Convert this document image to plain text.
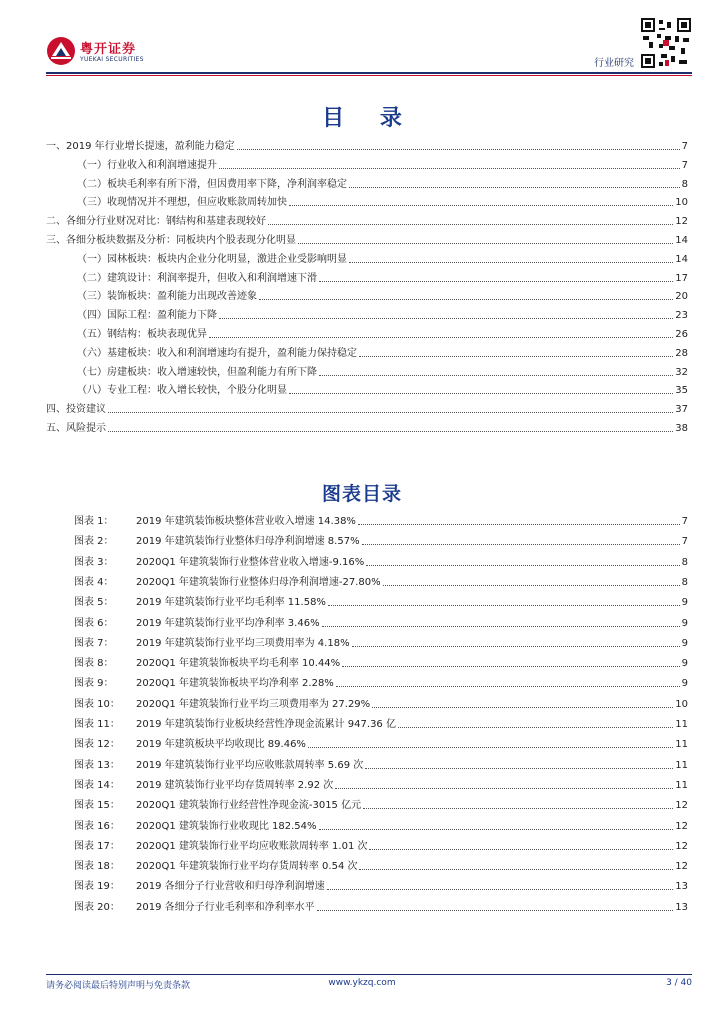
粤开证券
YUEKAI SECURITIES	行业研究
目 录
一、2019 年行业增长提速，盈利能力稳定	7
（一）行业收入和利润增速提升	7
（二）板块毛利率有所下滑，但因费用率下降，净利润率稳定	8
（三）收现情况并不理想，但应收账款周转加快	10
二、各细分行业财况对比：钢结构和基建表现较好	12
三、各细分板块数据及分析：同板块内个股表现分化明显	14
（一）园林板块：板块内企业分化明显，激进企业受影响明显	14
（二）建筑设计：利润率提升，但收入和利润增速下滑	17
（三）装饰板块：盈利能力出现改善迹象	20
（四）国际工程：盈利能力下降	23
（五）钢结构：板块表现优异	26
（六）基建板块：收入和利润增速均有提升，盈利能力保持稳定	28
（七）房建板块：收入增速较快，但盈利能力有所下降	32
（八）专业工程：收入增长较快，个股分化明显	35
四、投资建议	37
五、风险提示	38
图表目录
图表 1：	2019 年建筑装饰板块整体营业收入增速 14.38%	7
图表 2：	2019 年建筑装饰行业整体归母净利润增速 8.57%	7
图表 3：	2020Q1 年建筑装饰行业整体营业收入增速-9.16%	8
图表 4：	2020Q1 年建筑装饰行业整体归母净利润增速-27.80%	8
图表 5：	2019 年建筑装饰行业平均毛利率 11.58%	9
图表 6：	2019 年建筑装饰行业平均净利率 3.46%	9
图表 7：	2019 年建筑装饰行业平均三项费用率为 4.18%	9
图表 8：	2020Q1 年建筑装饰板块平均毛利率 10.44%	9
图表 9：	2020Q1 年建筑装饰板块平均净利率 2.28%	9
图表 10：	2020Q1 年建筑装饰行业平均三项费用率为 27.29%	10
图表 11：	2019 年建筑装饰行业板块经营性净现金流累计 947.36 亿	11
图表 12：	2019 年建筑板块平均收现比 89.46%	11
图表 13：	2019 年建筑装饰行业平均应收账款周转率 5.69 次	11
图表 14：	2019 建筑装饰行业平均存货周转率 2.92 次	11
图表 15：	2020Q1 建筑装饰行业经营性净现金流-3015 亿元	12
图表 16：	2020Q1 建筑装饰行业收现比 182.54%	12
图表 17：	2020Q1 建筑装饰行业平均应收账款周转率 1.01 次	12
图表 18：	2020Q1 年建筑装饰行业平均存货周转率 0.54 次	12
图表 19：	2019 各细分子行业营收和归母净利润增速	13
图表 20：	2019 各细分子行业毛利率和净利率水平	13
请务必阅读最后特别声明与免责条款	www.ykzq.com	3 / 40
